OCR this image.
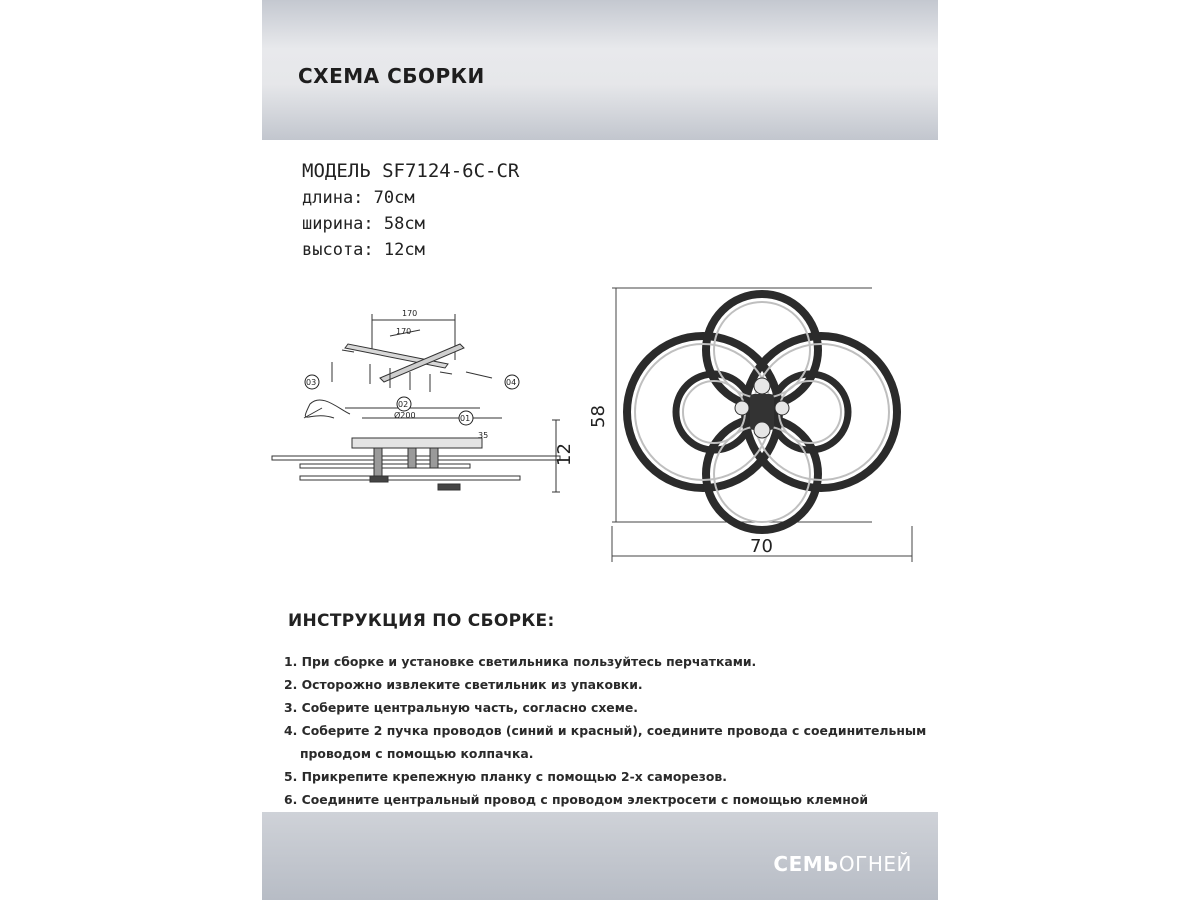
СХЕМА СБОРКИ
МОДЕЛЬ SF7124-6C-CR
длина: 70см
ширина: 58см
высота: 12см
170
170
Ø200
35
03
02
01
04
12
58
70
ИНСТРУКЦИЯ ПО СБОРКЕ:
1. При сборке и установке светильника пользуйтесь перчатками.
2. Осторожно извлеките светильник из упаковки.
3. Соберите центральную часть, согласно схеме.
4. Соберите 2 пучка проводов (синий и красный), соедините провода с соединительным
проводом с помощью колпачка.
5. Прикрепите крепежную планку с помощью 2-х саморезов.
6. Соедините центральный провод с проводом электросети с помощью клемной
СЕМЬОГНЕЙ
